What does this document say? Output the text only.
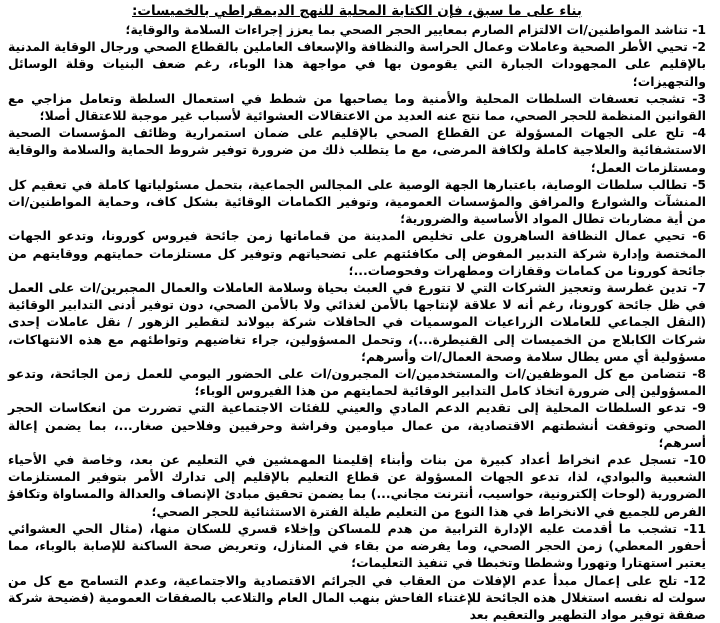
بناء على ما سبق، فإن الكتابة المحلية للنهج الديمقراطي بالخميسات:

1- تناشد المواطنين/ات الالتزام الصارم بمعايير الحجر الصحي بما يعزز إجراءات السلامة والوقاية؛

2- تحيي الأطر الصحية وعاملات وعمال الحراسة والنظافة والإسعاف العاملين بالقطاع الصحي ورجال الوقاية المدنية بالإقليم على المجهودات الجبارة التي يقومون بها في مواجهة هذا الوباء، رغم ضعف البنيات وقلة الوسائل والتجهيزات؛

3- تشجب تعسفات السلطات المحلية والأمنية وما يصاحبها من شطط في استعمال السلطة وتعامل مزاجي مع القوانين المنظمة للحجر الصحي، مما نتج عنه العديد من الاعتقالات العشوائية لأسباب غير موجبة للاعتقال أصلا؛

4- تلح على الجهات المسؤولة عن القطاع الصحي بالإقليم على ضمان استمرارية وظائف المؤسسات الصحية الاستشفائية والعلاجية كاملة ولكافة المرضى، مع ما يتطلب ذلك من ضرورة توفير شروط الحماية والسلامة والوقاية ومستلزمات العمل؛

5- تطالب سلطات الوصاية، باعتبارها الجهة الوصية على المجالس الجماعية، بتحمل مسئولياتها كاملة في تعقيم كل المنشآت والشوارع والمرافق والمؤسسات العمومية، وتوفير الكمامات الوقائية بشكل كاف، وحماية المواطنين/ات من أية مضاربات تطال المواد الأساسية والضرورية؛

6- تحيي عمال النظافة الساهرون على تخليص المدينة من قماماتها زمن جائحة فيروس كورونا، وتدعو الجهات المختصة وإدارة شركة التدبير المفوض إلى مكافئتهم على تضحياتهم وتوفير كل مستلزمات حمايتهم ووقايتهم من جائحة كورونا من كمامات وقفازات ومطهرات وفحوصات...؛

7- تدين غطرسة وتعجيز الشركات التي لا تتورع في العبث بحياة وسلامة العاملات والعمال المجبرين/ات على العمل في ظل جائحة كورونا، رغم أنه لا علاقة لإنتاجها بالأمن لغذائي ولا بالأمن الصحي، دون توفير أدنى التدابير الوقائية (النقل الجماعي للعاملات الزراعيات الموسميات في الحافلات شركة بيولاند لتقطير الزهور / نقل عاملات إحدى شركات الكابلاج من الخميسات إلى القنيطرة...)، وتحمل المسؤولين، جراء تغاضيهم وتواطئهم مع هذه الانتهاكات، مسؤولية أي مس يطال سلامة وصحة العمال/ات وأسرهم؛

8- تتضامن مع كل الموظفين/ات والمستخدمين/ات المجبرون/ات على الحضور اليومي للعمل زمن الجائحة، وتدعو المسؤولين إلى ضرورة اتخاذ كامل التدابير الوقائية لحمايتهم من هذا الفيروس الوباء؛

9- تدعو السلطات المحلية إلى تقديم الدعم المادي والعيني للفئات الاجتماعية التي تضررت من انعكاسات الحجر الصحي وتوقفت أنشطتهم الاقتصادية، من عمال مياومين وفراشة وحرفيين وفلاحين صغار...، بما يضمن إعالة أسرهم؛

10- تسجل عدم انخراط أعداد كبيرة من بنات وأبناء إقليمنا المهمشين في التعليم عن بعد، وخاصة في الأحياء الشعبية والبوادي، لذا، تدعو الجهات المسؤولة عن قطاع التعليم بالإقليم إلى تدارك الأمر بتوفير المستلزمات الضرورية (لوحات إلكترونية، حواسيب، أنترنت مجاني...) بما يضمن تحقيق مبادئ الإنصاف والعدالة والمساواة وتكافؤ الفرص للجميع في الانخراط في هذا النوع من التعليم طيلة الفترة الاستثنائية للحجر الصحي؛

11- تشجب ما أقدمت عليه الإدارة الترابية من هدم للمساكن وإخلاء قسري للسكان منها، (مثال الحي العشوائي أحفور المعطي) زمن الحجر الصحي، وما يفرضه من بقاء في المنازل، وتعريض صحة الساكنة للإصابة بالوباء، مما يعتبر استهتارا وتهورا وشططا وتخبطا في تنفيذ التعليمات؛

12- تلح على إعمال مبدأ عدم الإفلات من العقاب في الجرائم الاقتصادية والاجتماعية، وعدم التسامح مع كل من سولت له نفسه استغلال هذه الجائحة للإغتناء الفاحش بنهب المال العام والتلاعب بالصفقات العمومية (فضيحة شركة صفقة توفير مواد التطهير والتعقيم بعد
